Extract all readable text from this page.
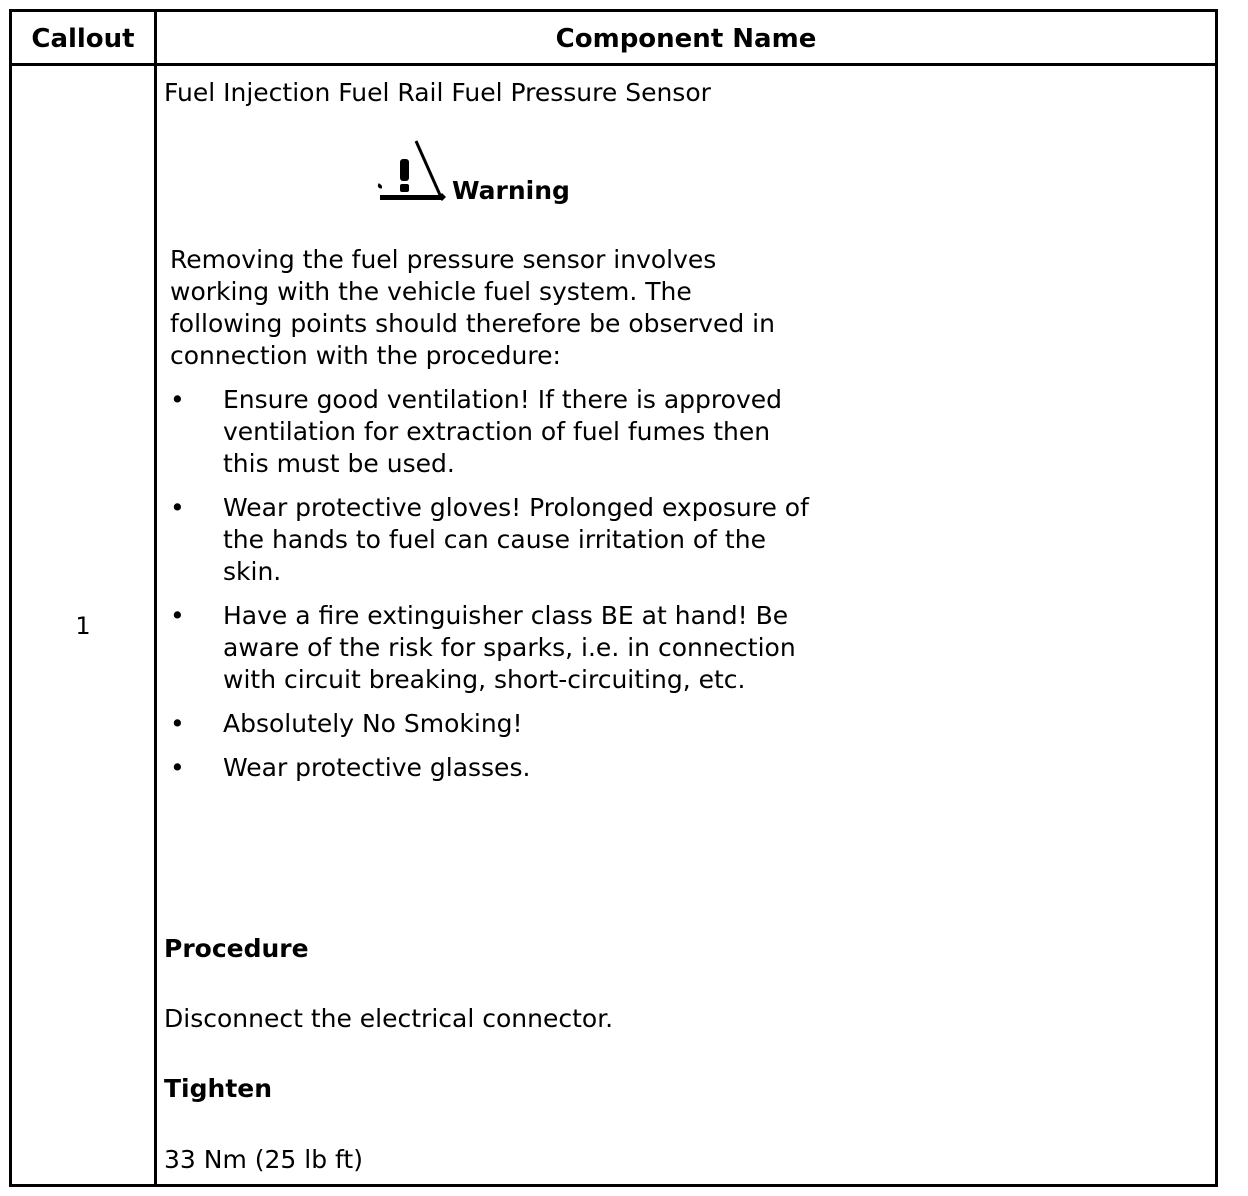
Callout	Component Name
1
Fuel Injection Fuel Rail Fuel Pressure Sensor
Warning

Removing the fuel pressure sensor involves working with the vehicle fuel system. The following points should therefore be observed in connection with the procedure:

• Ensure good ventilation! If there is approved ventilation for extraction of fuel fumes then this must be used.
• Wear protective gloves! Prolonged exposure of the hands to fuel can cause irritation of the skin.
• Have a fire extinguisher class BE at hand! Be aware of the risk for sparks, i.e. in connection with circuit breaking, short-circuiting, etc.
• Absolutely No Smoking!
• Wear protective glasses.
Procedure
Disconnect the electrical connector.
Tighten
33 Nm (25 lb ft)
